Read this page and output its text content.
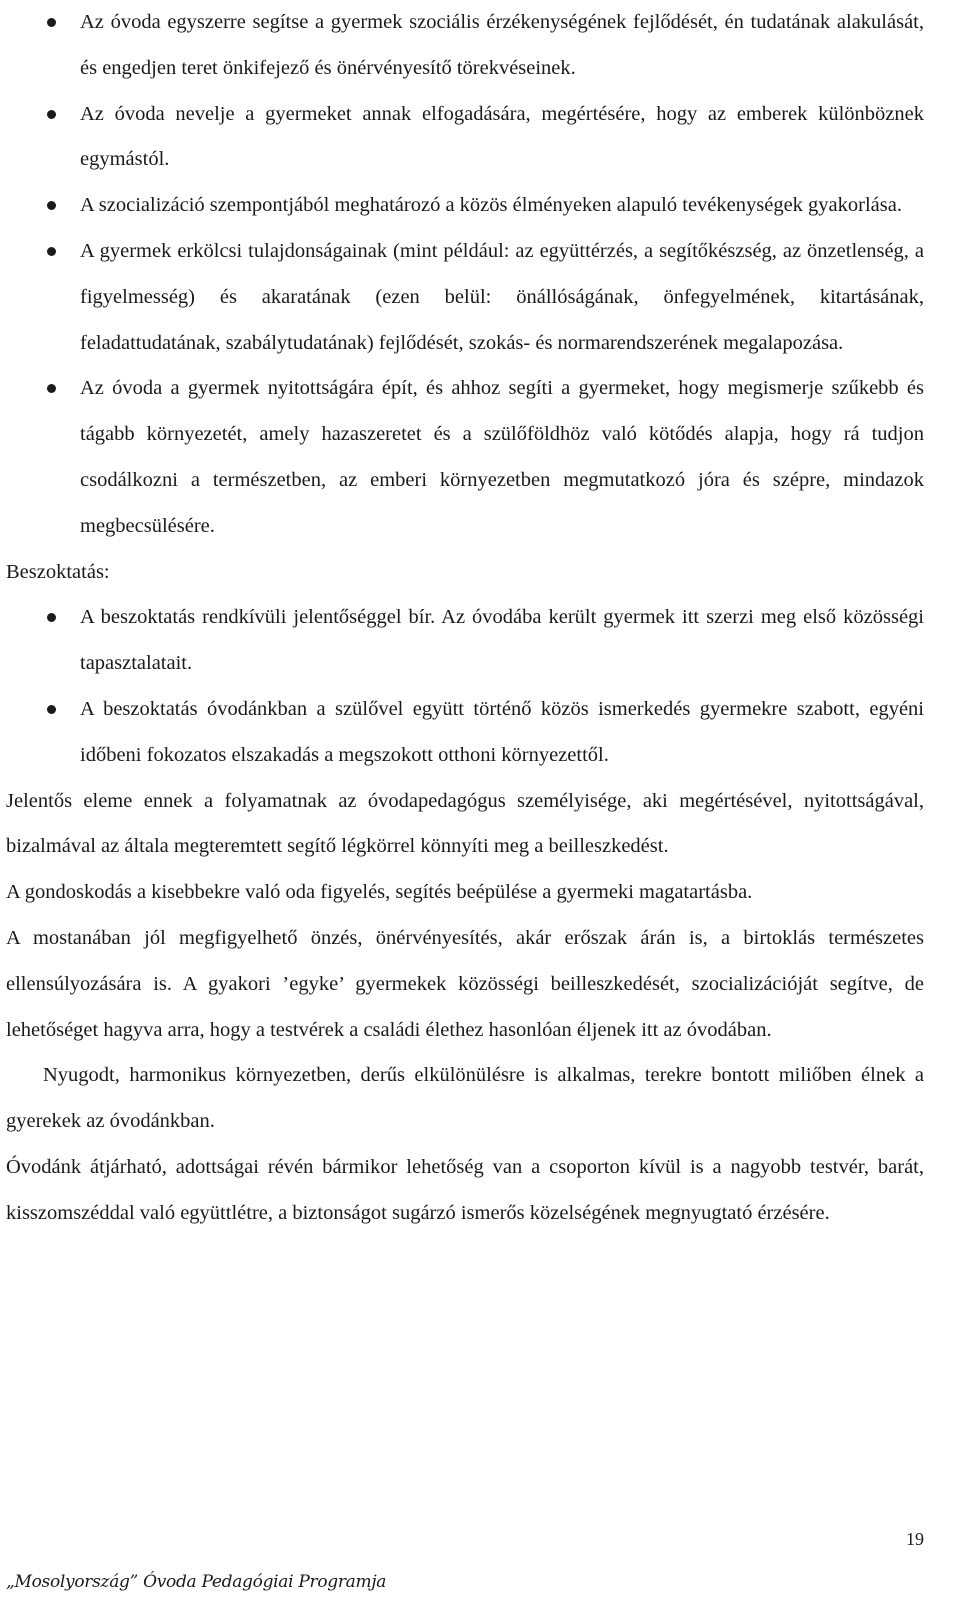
Az óvoda egyszerre segítse a gyermek szociális érzékenységének fejlődését, én tudatának alakulását, és engedjen teret önkifejező és önérvényesítő törekvéseinek.
Az óvoda nevelje a gyermeket annak elfogadására, megértésére, hogy az emberek különböznek egymástól.
A szocializáció szempontjából meghatározó a közös élményeken alapuló tevékenységek gyakorlása.
A gyermek erkölcsi tulajdonságainak (mint például: az együttérzés, a segítőkészség, az önzetlenség, a figyelmesség) és akaratának (ezen belül: önállóságának, önfegyelmének, kitartásának, feladattudatának, szabálytudatának) fejlődését, szokás- és normarendszerének megalapozása.
Az óvoda a gyermek nyitottságára épít, és ahhoz segíti a gyermeket, hogy megismerje szűkebb és tágabb környezetét, amely hazaszeretet és a szülőföldhöz való kötődés alapja, hogy rá tudjon csodálkozni a természetben, az emberi környezetben megmutatkozó jóra és szépre, mindazok megbecsülésére.

Beszoktatás:

A beszoktatás rendkívüli jelentőséggel bír. Az óvodába került gyermek itt szerzi meg első közösségi tapasztalatait.
A beszoktatás óvodánkban a szülővel együtt történő közös ismerkedés gyermekre szabott, egyéni időbeni fokozatos elszakadás a megszokott otthoni környezettől.

Jelentős eleme ennek a folyamatnak az óvodapedagógus személyisége, aki megértésével, nyitottságával, bizalmával az általa megteremtett segítő légkörrel könnyíti meg a beilleszkedést.

A gondoskodás a kisebbekre való oda figyelés, segítés beépülése a gyermeki magatartásba.

A mostanában jól megfigyelhető önzés, önérvényesítés, akár erőszak árán is, a birtoklás természetes ellensúlyozására is. A gyakori ’egyke’ gyermekek közösségi beilleszkedését, szocializációját segítve, de lehetőséget hagyva arra, hogy a testvérek a családi élethez hasonlóan éljenek itt az óvodában.

Nyugodt, harmonikus környezetben, derűs elkülönülésre is alkalmas, terekre bontott miliőben élnek a gyerekek az óvodánkban.

Óvodánk átjárható, adottságai révén bármikor lehetőség van a csoporton kívül is a nagyobb testvér, barát, kisszomszéddal való együttlétre, a biztonságot sugárzó ismerős közelségének megnyugtató érzésére.

19
„Mosolyország” Óvoda Pedagógiai Programja
